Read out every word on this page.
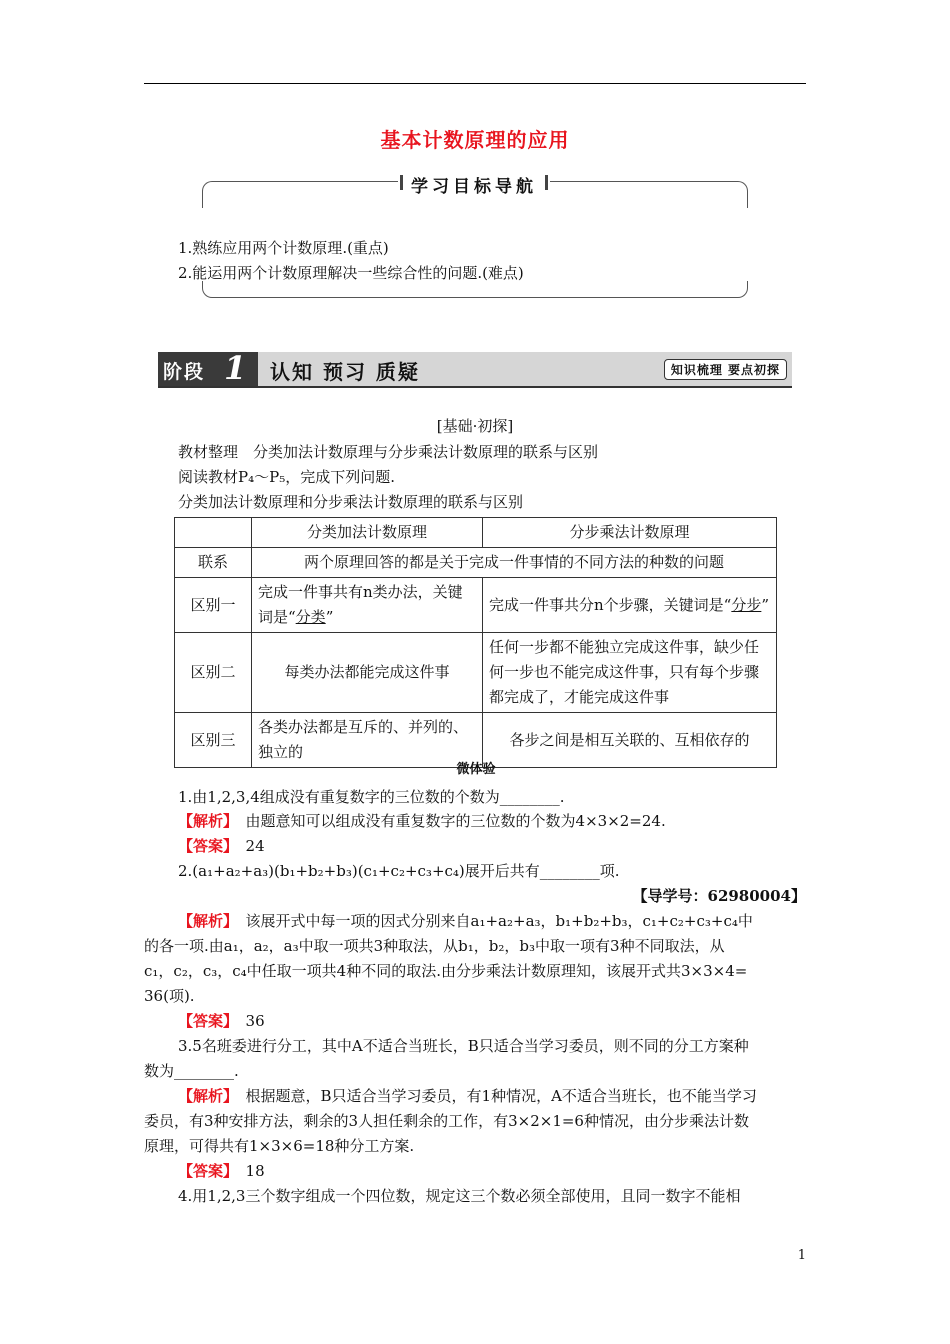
基本计数原理的应用
学习目标导航
1.熟练应用两个计数原理.(重点)
2.能运用两个计数原理解决一些综合性的问题.(难点)
阶段 1 认知 预习 质疑	知识梳理 要点初探
[基础·初探]
教材整理　分类加法计数原理与分步乘法计数原理的联系与区别
阅读教材P₄～P₅，完成下列问题.
分类加法计数原理和分步乘法计数原理的联系与区别
	分类加法计数原理	分步乘法计数原理
联系	两个原理回答的都是关于完成一件事情的不同方法的种数的问题	
区别一	完成一件事共有n类办法，关键词是“分类”	完成一件事共分n个步骤，关键词是“分步”
区别二	每类办法都能完成这件事	任何一步都不能独立完成这件事，缺少任何一步也不能完成这件事，只有每个步骤都完成了，才能完成这件事
区别三	各类办法都是互斥的、并列的、独立的	各步之间是相互关联的、互相依存的
微体验
1.由1,2,3,4组成没有重复数字的三位数的个数为________.
【解析】　 由题意知可以组成没有重复数字的三位数的个数为4×3×2=24.
【答案】　 24
2.(a₁+a₂+a₃)(b₁+b₂+b₃)(c₁+c₂+c₃+c₄)展开后共有________项.
【导学号：62980004】
【解析】　 该展开式中每一项的因式分别来自a₁+a₂+a₃，b₁+b₂+b₃，c₁+c₂+c₃+c₄中
的各一项.由a₁，a₂，a₃中取一项共3种取法，从b₁，b₂，b₃中取一项有3种不同取法，从
c₁，c₂，c₃，c₄中任取一项共4种不同的取法.由分步乘法计数原理知，该展开式共3×3×4=
36(项).
【答案】　 36
3.5名班委进行分工，其中A不适合当班长，B只适合当学习委员，则不同的分工方案种
数为________.
【解析】　 根据题意，B只适合当学习委员，有1种情况，A不适合当班长，也不能当学习
委员，有3种安排方法，剩余的3人担任剩余的工作，有3×2×1=6种情况，由分步乘法计数
原理，可得共有1×3×6=18种分工方案.
【答案】　 18
4.用1,2,3三个数字组成一个四位数，规定这三个数必须全部使用，且同一数字不能相
1
